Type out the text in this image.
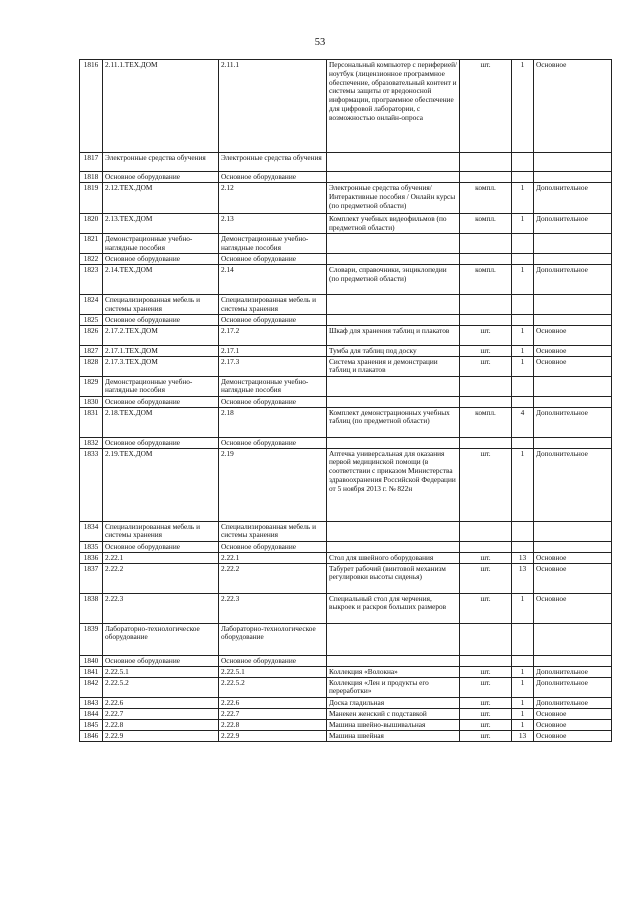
53
1816	2.11.1.ТЕХ.ДОМ	2.11.1	Персональный компьютер с периферией/ноутбук (лицензионное программное обеспечение, образовательный контент и системы защиты от вредоносной информации, программное обеспечение для цифровой лаборатории, с возможностью онлайн-опроса	шт.	1	Основное
1817	Электронные средства обучения	Электронные средства обучения				
1818	Основное оборудование	Основное оборудование				
1819	2.12.ТЕХ.ДОМ	2.12	Электронные средства обучения/Интерактивные пособия / Онлайн курсы (по предметной области)	компл.	1	Дополнительное
1820	2.13.ТЕХ.ДОМ	2.13	Комплект учебных видеофильмов (по предметной области)	компл.	1	Дополнительное
1821	Демонстрационные учебно-наглядные пособия	Демонстрационные учебно-наглядные пособия				
1822	Основное оборудование	Основное оборудование				
1823	2.14.ТЕХ.ДОМ	2.14	Словари, справочники, энциклопедии (по предметной области)	компл.	1	Дополнительное
1824	Специализированная мебель и системы хранения	Специализированная мебель и системы хранения				
1825	Основное оборудование	Основное оборудование				
1826	2.17.2.ТЕХ.ДОМ	2.17.2	Шкаф для хранения таблиц и плакатов	шт.	1	Основное
1827	2.17.1.ТЕХ.ДОМ	2.17.1	Тумба для таблиц под доску	шт.	1	Основное
1828	2.17.3.ТЕХ.ДОМ	2.17.3	Система хранения и демонстрации таблиц и плакатов	шт.	1	Основное
1829	Демонстрационные учебно-наглядные пособия	Демонстрационные учебно-наглядные пособия				
1830	Основное оборудование	Основное оборудование				
1831	2.18.ТЕХ.ДОМ	2.18	Комплект демонстрационных учебных таблиц (по предметной области)	компл.	4	Дополнительное
1832	Основное оборудование	Основное оборудование				
1833	2.19.ТЕХ.ДОМ	2.19	Аптечка универсальная для оказания первой медицинской помощи (в соответствии с приказом Министерства здравоохранения Российской Федерации от 5 ноября 2013 г. № 822н	шт.	1	Дополнительное
1834	Специализированная мебель и системы хранения	Специализированная мебель и системы хранения				
1835	Основное оборудование	Основное оборудование				
1836	2.22.1	2.22.1	Стол для швейного оборудования	шт.	13	Основное
1837	2.22.2	2.22.2	Табурет рабочий (винтовой механизм регулировки высоты сиденья)	шт.	13	Основное
1838	2.22.3	2.22.3	Специальный стол для черчения, выкроек и раскроя больших размеров	шт.	1	Основное
1839	Лабораторно-технологическое оборудование	Лабораторно-технологическое оборудование				
1840	Основное оборудование	Основное оборудование				
1841	2.22.5.1	2.22.5.1	Коллекция «Волокна»	шт.	1	Дополнительное
1842	2.22.5.2	2.22.5.2	Коллекция «Лен и продукты его переработки»	шт.	1	Дополнительное
1843	2.22.6	2.22.6	Доска гладильная	шт.	1	Дополнительное
1844	2.22.7	2.22.7	Манекен женский с подставкой	шт.	1	Основное
1845	2.22.8	2.22.8	Машина швейно-вышивальная	шт.	1	Основное
1846	2.22.9	2.22.9	Машина швейная	шт.	13	Основное
